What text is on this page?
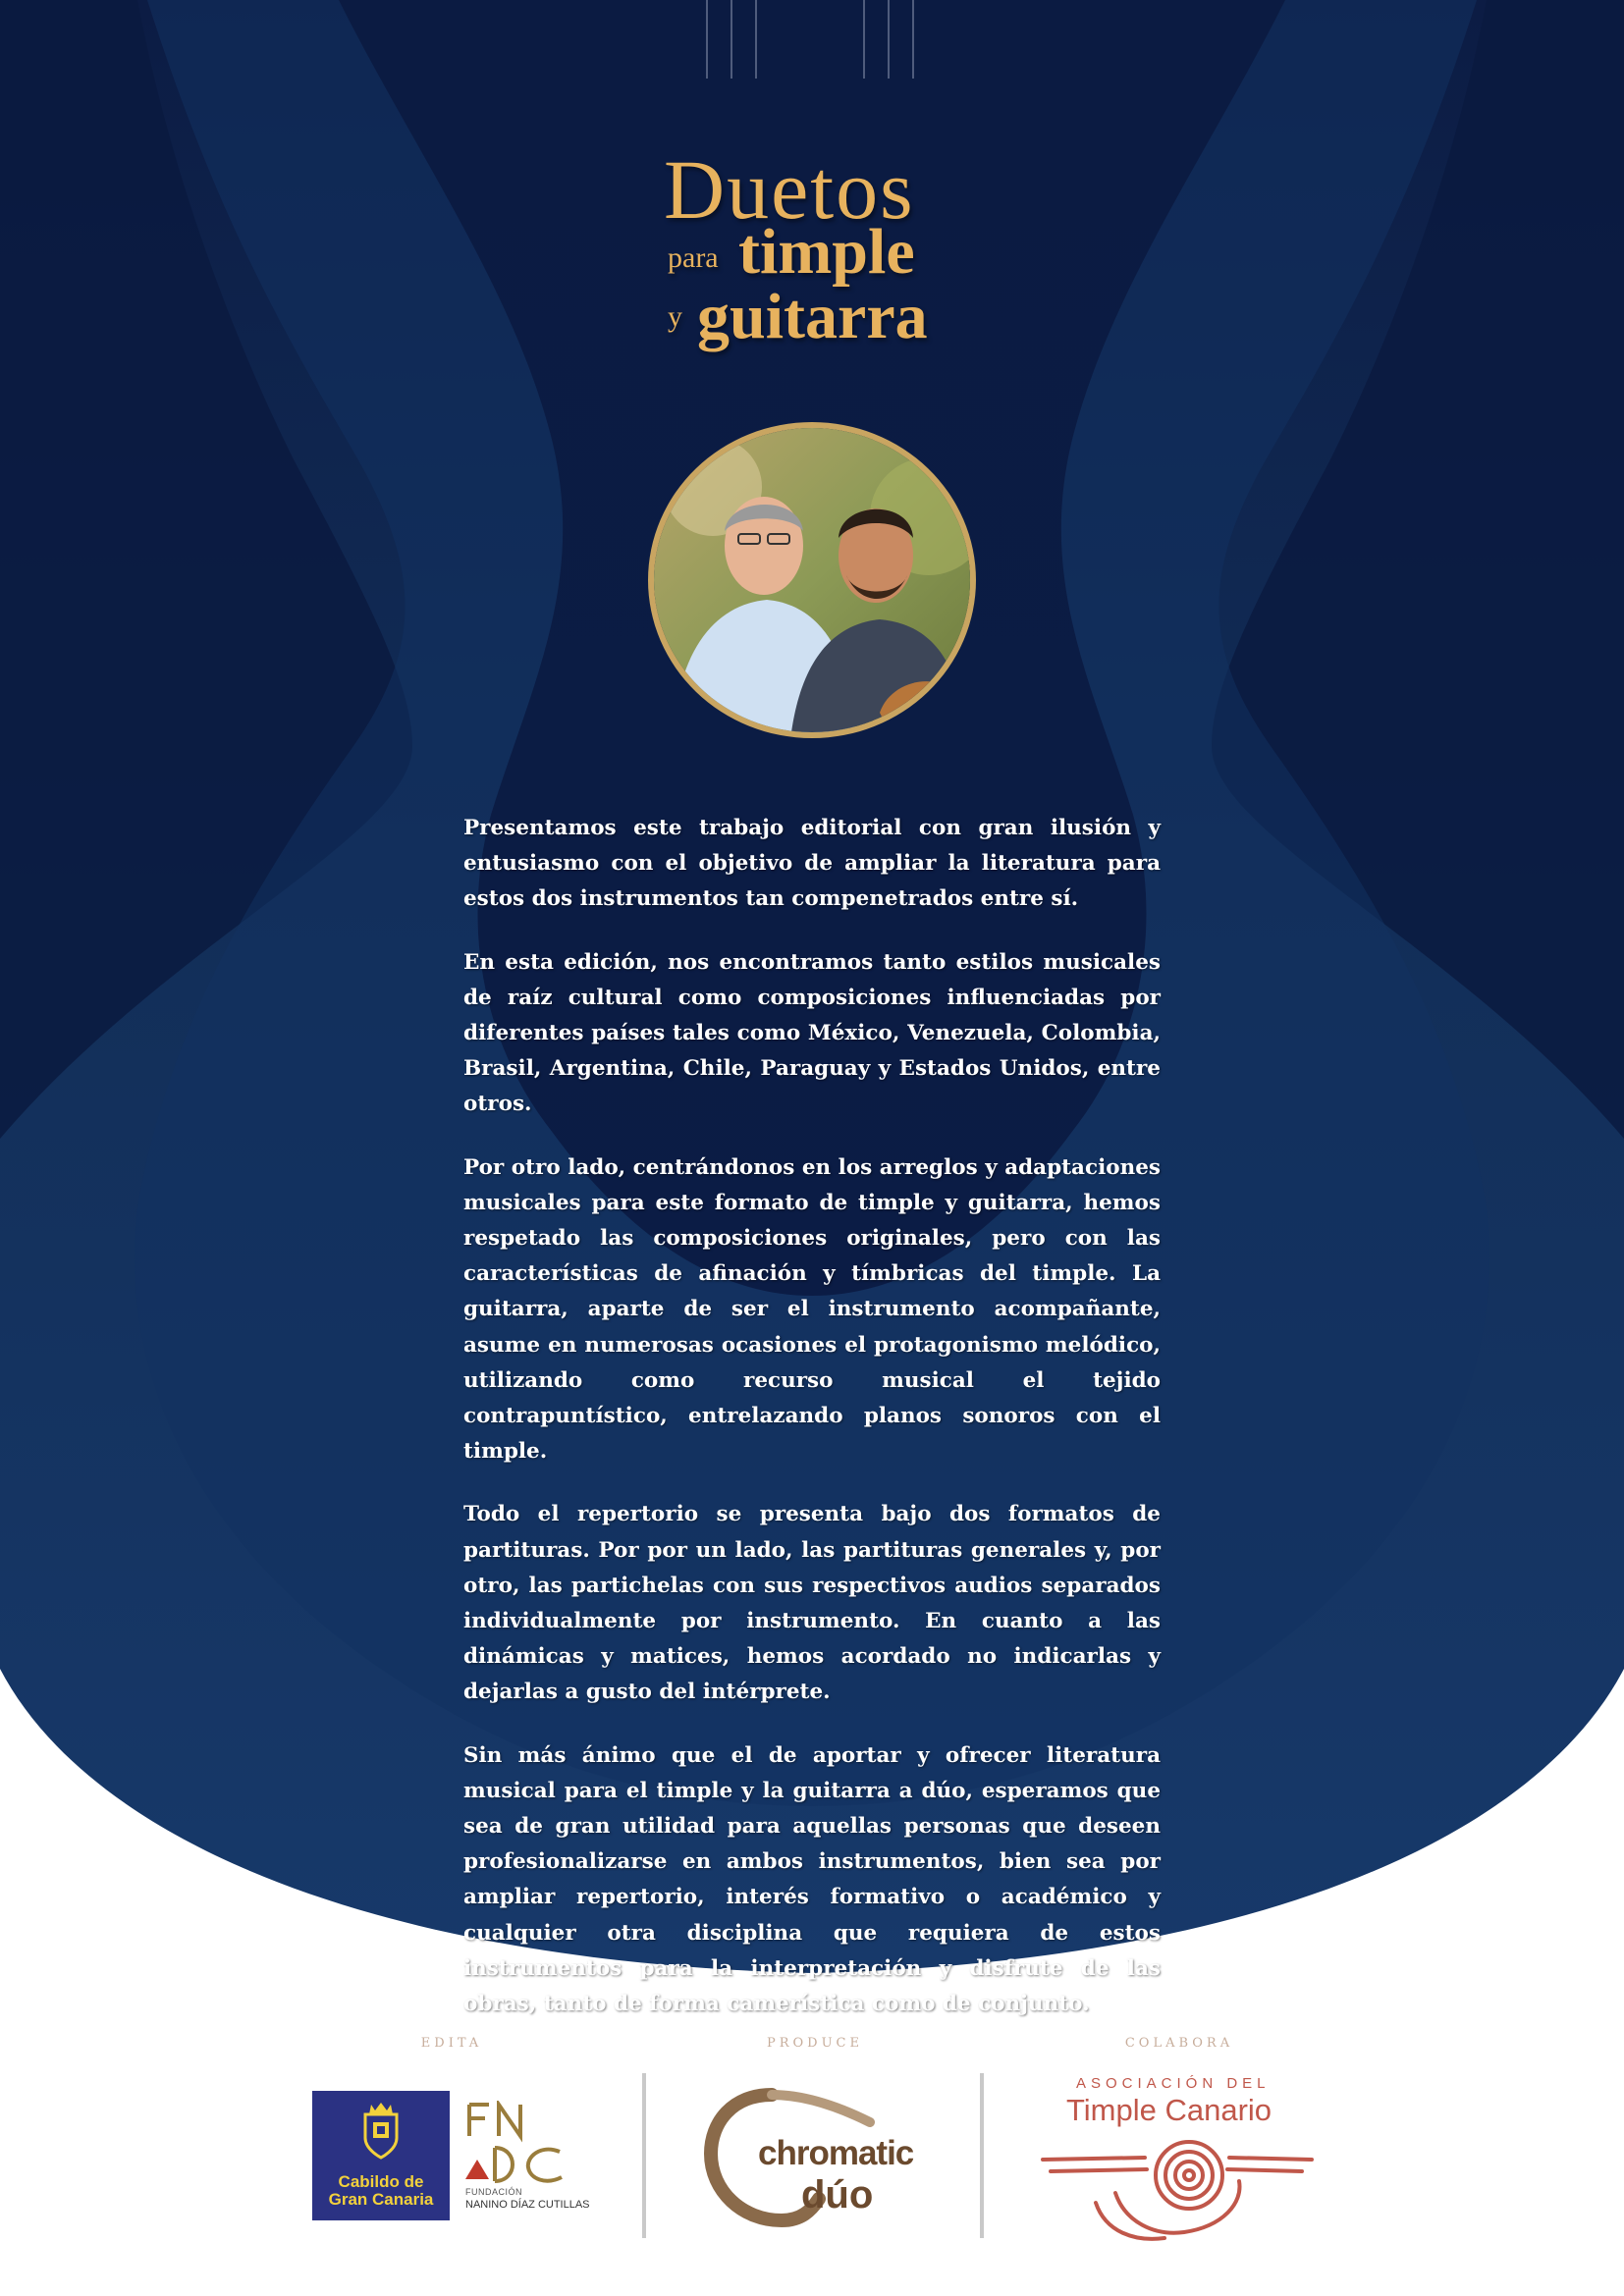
Duetos
para timple
y guitarra

Presentamos este trabajo editorial con gran ilusión y entusiasmo con el objetivo de ampliar la literatura para estos dos instrumentos tan compenetrados entre sí.

En esta edición, nos encontramos tanto estilos musicales de raíz cultural como composiciones influenciadas por diferentes países tales como México, Venezuela, Colombia, Brasil, Argentina, Chile, Paraguay y Estados Unidos, entre otros.

Por otro lado, centrándonos en los arreglos y adaptaciones musicales para este formato de timple y guitarra, hemos respetado las composiciones originales, pero con las características de afinación y tímbricas del timple. La guitarra, aparte de ser el instrumento acompañante, asume en numerosas ocasiones el protagonismo melódico, utilizando como recurso musical el tejido contrapuntístico, entrelazando planos sonoros con el timple.

Todo el repertorio se presenta bajo dos formatos de partituras. Por por un lado, las partituras generales y, por otro, las partichelas con sus respectivos audios separados individualmente por instrumento. En cuanto a las dinámicas y matices, hemos acordado no indicarlas y dejarlas a gusto del intérprete.

Sin más ánimo que el de aportar y ofrecer literatura musical para el timple y la guitarra a dúo, esperamos que sea de gran utilidad para aquellas personas que deseen profesionalizarse en ambos instrumentos, bien sea por ampliar repertorio, interés formativo o académico y cualquier otra disciplina que requiera de estos instrumentos para la interpretación y disfrute de las obras, tanto de forma camerística como de conjunto.

EDITA	PRODUCE	COLABORA
Cabildo de
Gran Canaria	FUNDACIÓN
NANINO DÍAZ CUTILLAS
chromatic
dúo
ASOCIACIÓN DEL
Timple Canario
